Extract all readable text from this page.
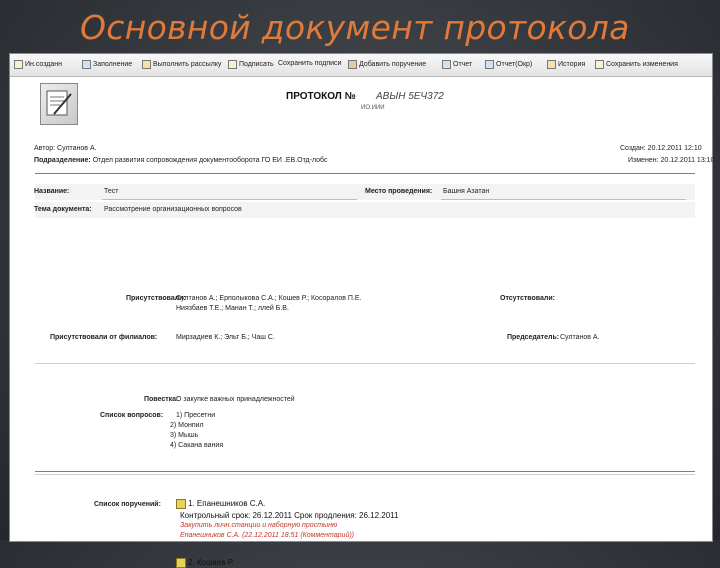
Основной документ протокола
Ин.созданн	Заполнение	Выполнить рассылку	Подписать Сохранить подписи	Добавить поручение	Отчет	Отчет(Окр)	История	Сохранить изменения
ПРОТОКОЛ № АВЫН 5ЕЧ372
ИО.ИИИ
Автор: Султанов А.
Подразделение: Отдел развития сопровождения документооборота ГО ЕИ .ЕВ.Отд-лобс
Создан: 20.12.2011 12:10
Изменен: 20.12.2011 13:10
Название:	Тест	Место проведения: Башня Азатан
Тема документа: Рассмотрение организационных вопросов
Присутствовали:
Султанов А.; Ерполыкова С.А.; Кошев Р.; Косоралов П.Е.
Ниязбаев Т.Е.; Манан Т.; ллей Б.В.
Отсутствовали:
Присутствовали от филиалов:	Мирзадиев К.; Эльт Б.; Чаш С.	Председатель: Султанов А.
Повестка:
О закупке важных принадлежностей
Список вопросов: 1) Пресетни
2) Монпил
3) Мышь
4) Сакана вания
Список поручений:	1. Епанешников С.А.
Контрольный срок: 26.12.2011 Срок продления: 26.12.2011
Закупить личн.станции и наборную простыню
Епанешников С.А. (22.12.2011 18:51 (Комментарий))
2. Кошаев Р.
